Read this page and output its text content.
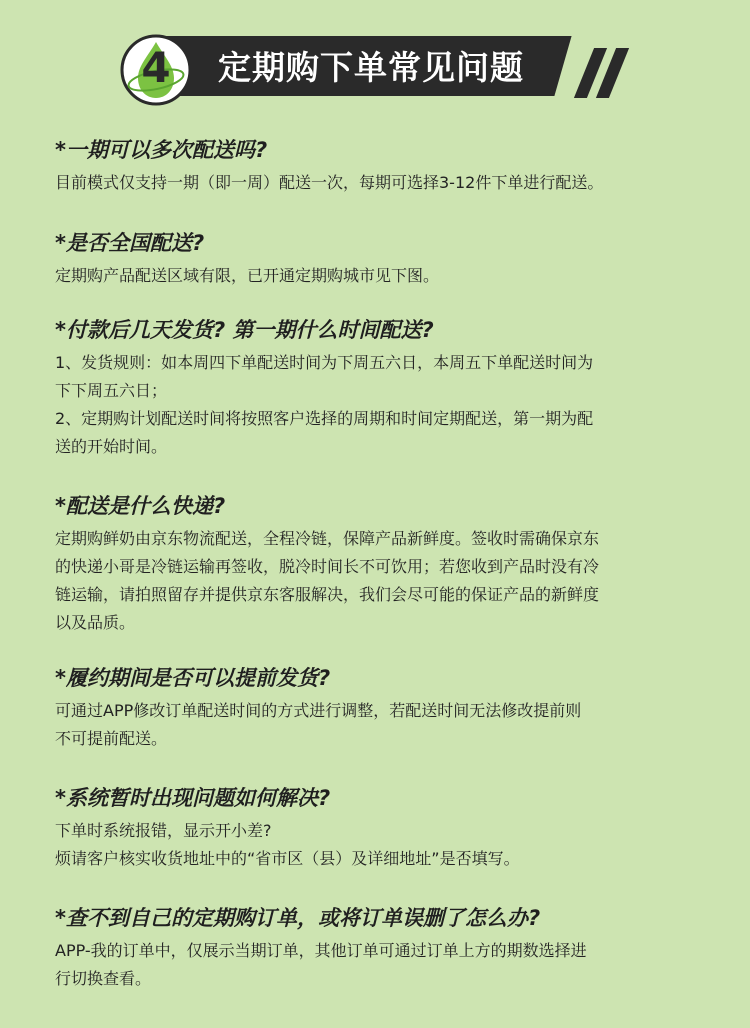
定期购下单常见问题
4

*一期可以多次配送吗?

目前模式仅支持一期（即一周）配送一次，每期可选择3-12件下单进行配送。

*是否全国配送?

定期购产品配送区域有限，已开通定期购城市见下图。

*付款后几天发货? 第一期什么时间配送?

1、发货规则：如本周四下单配送时间为下周五六日，本周五下单配送时间为

下下周五六日；

2、定期购计划配送时间将按照客户选择的周期和时间定期配送，第一期为配

送的开始时间。

*配送是什么快递?

定期购鲜奶由京东物流配送，全程冷链，保障产品新鲜度。签收时需确保京东

的快递小哥是冷链运输再签收，脱冷时间长不可饮用；若您收到产品时没有冷

链运输，请拍照留存并提供京东客服解决，我们会尽可能的保证产品的新鲜度

以及品质。

*履约期间是否可以提前发货?

可通过APP修改订单配送时间的方式进行调整，若配送时间无法修改提前则

不可提前配送。

*系统暂时出现问题如何解决?

下单时系统报错，显示开小差?

烦请客户核实收货地址中的“省市区（县）及详细地址”是否填写。

*查不到自己的定期购订单，或将订单误删了怎么办?

APP-我的订单中，仅展示当期订单，其他订单可通过订单上方的期数选择进

行切换查看。
